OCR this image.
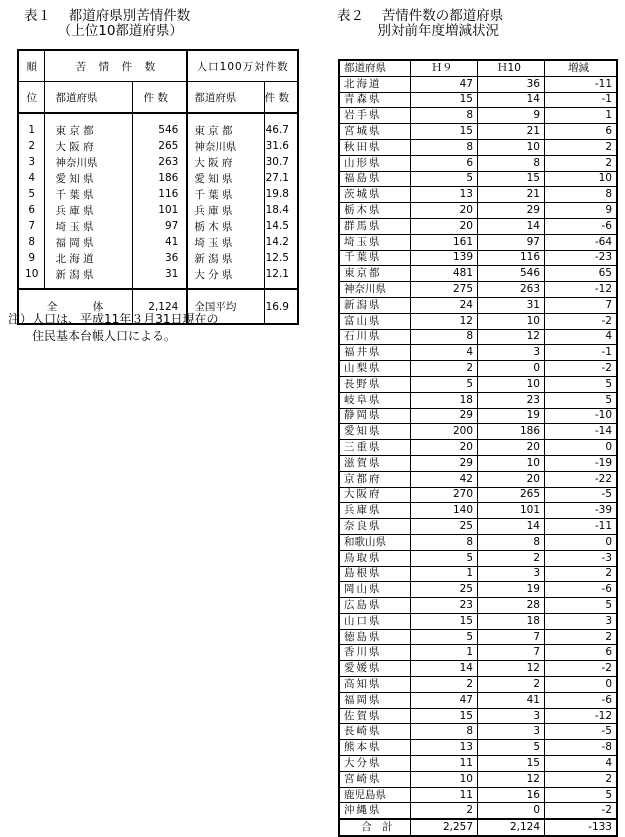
表１　 都道府県別苦情件数
　　　（上位10都道府県）
順	苦　情　件　数		人口100万対件数	
位	都道府県	件 数	都道府県	件 数
1	東 京 都	546	東 京 都	46.7
2	大 阪 府	265	神奈川県	31.6
3	神奈川県	263	大 阪 府	30.7
4	愛 知 県	186	愛 知 県	27.1
5	千 葉 県	116	千 葉 県	19.8
6	兵 庫 県	101	兵 庫 県	18.4
7	埼 玉 県	97	栃 木 県	14.5
8	福 岡 県	41	埼 玉 県	14.2
9	北 海 道	36	新 潟 県	12.5
10	新 潟 県	31	大 分 県	12.1
全　　　体		2,124	全国平均	16.9
注）人口は、平成11年３月31日現在の
　　住民基本台帳人口による。
表２　 苦情件数の都道府県
　　　別対前年度増減状況
都道府県	Ｈ９	Ｈ10	増減
北海道	47	36	-11
青森県	15	14	-1
岩手県	8	9	1
宮城県	15	21	6
秋田県	8	10	2
山形県	6	8	2
福島県	5	15	10
茨城県	13	21	8
栃木県	20	29	9
群馬県	20	14	-6
埼玉県	161	97	-64
千葉県	139	116	-23
東京都	481	546	65
神奈川県	275	263	-12
新潟県	24	31	7
富山県	12	10	-2
石川県	8	12	4
福井県	4	3	-1
山梨県	2	0	-2
長野県	5	10	5
岐阜県	18	23	5
静岡県	29	19	-10
愛知県	200	186	-14
三重県	20	20	0
滋賀県	29	10	-19
京都府	42	20	-22
大阪府	270	265	-5
兵庫県	140	101	-39
奈良県	25	14	-11
和歌山県	8	8	0
鳥取県	5	2	-3
島根県	1	3	2
岡山県	25	19	-6
広島県	23	28	5
山口県	15	18	3
徳島県	5	7	2
香川県	1	7	6
愛媛県	14	12	-2
高知県	2	2	0
福岡県	47	41	-6
佐賀県	15	3	-12
長崎県	8	3	-5
熊本県	13	5	-8
大分県	11	15	4
宮崎県	10	12	2
鹿児島県	11	16	5
沖縄県	2	0	-2
合　計	2,257	2,124	-133
